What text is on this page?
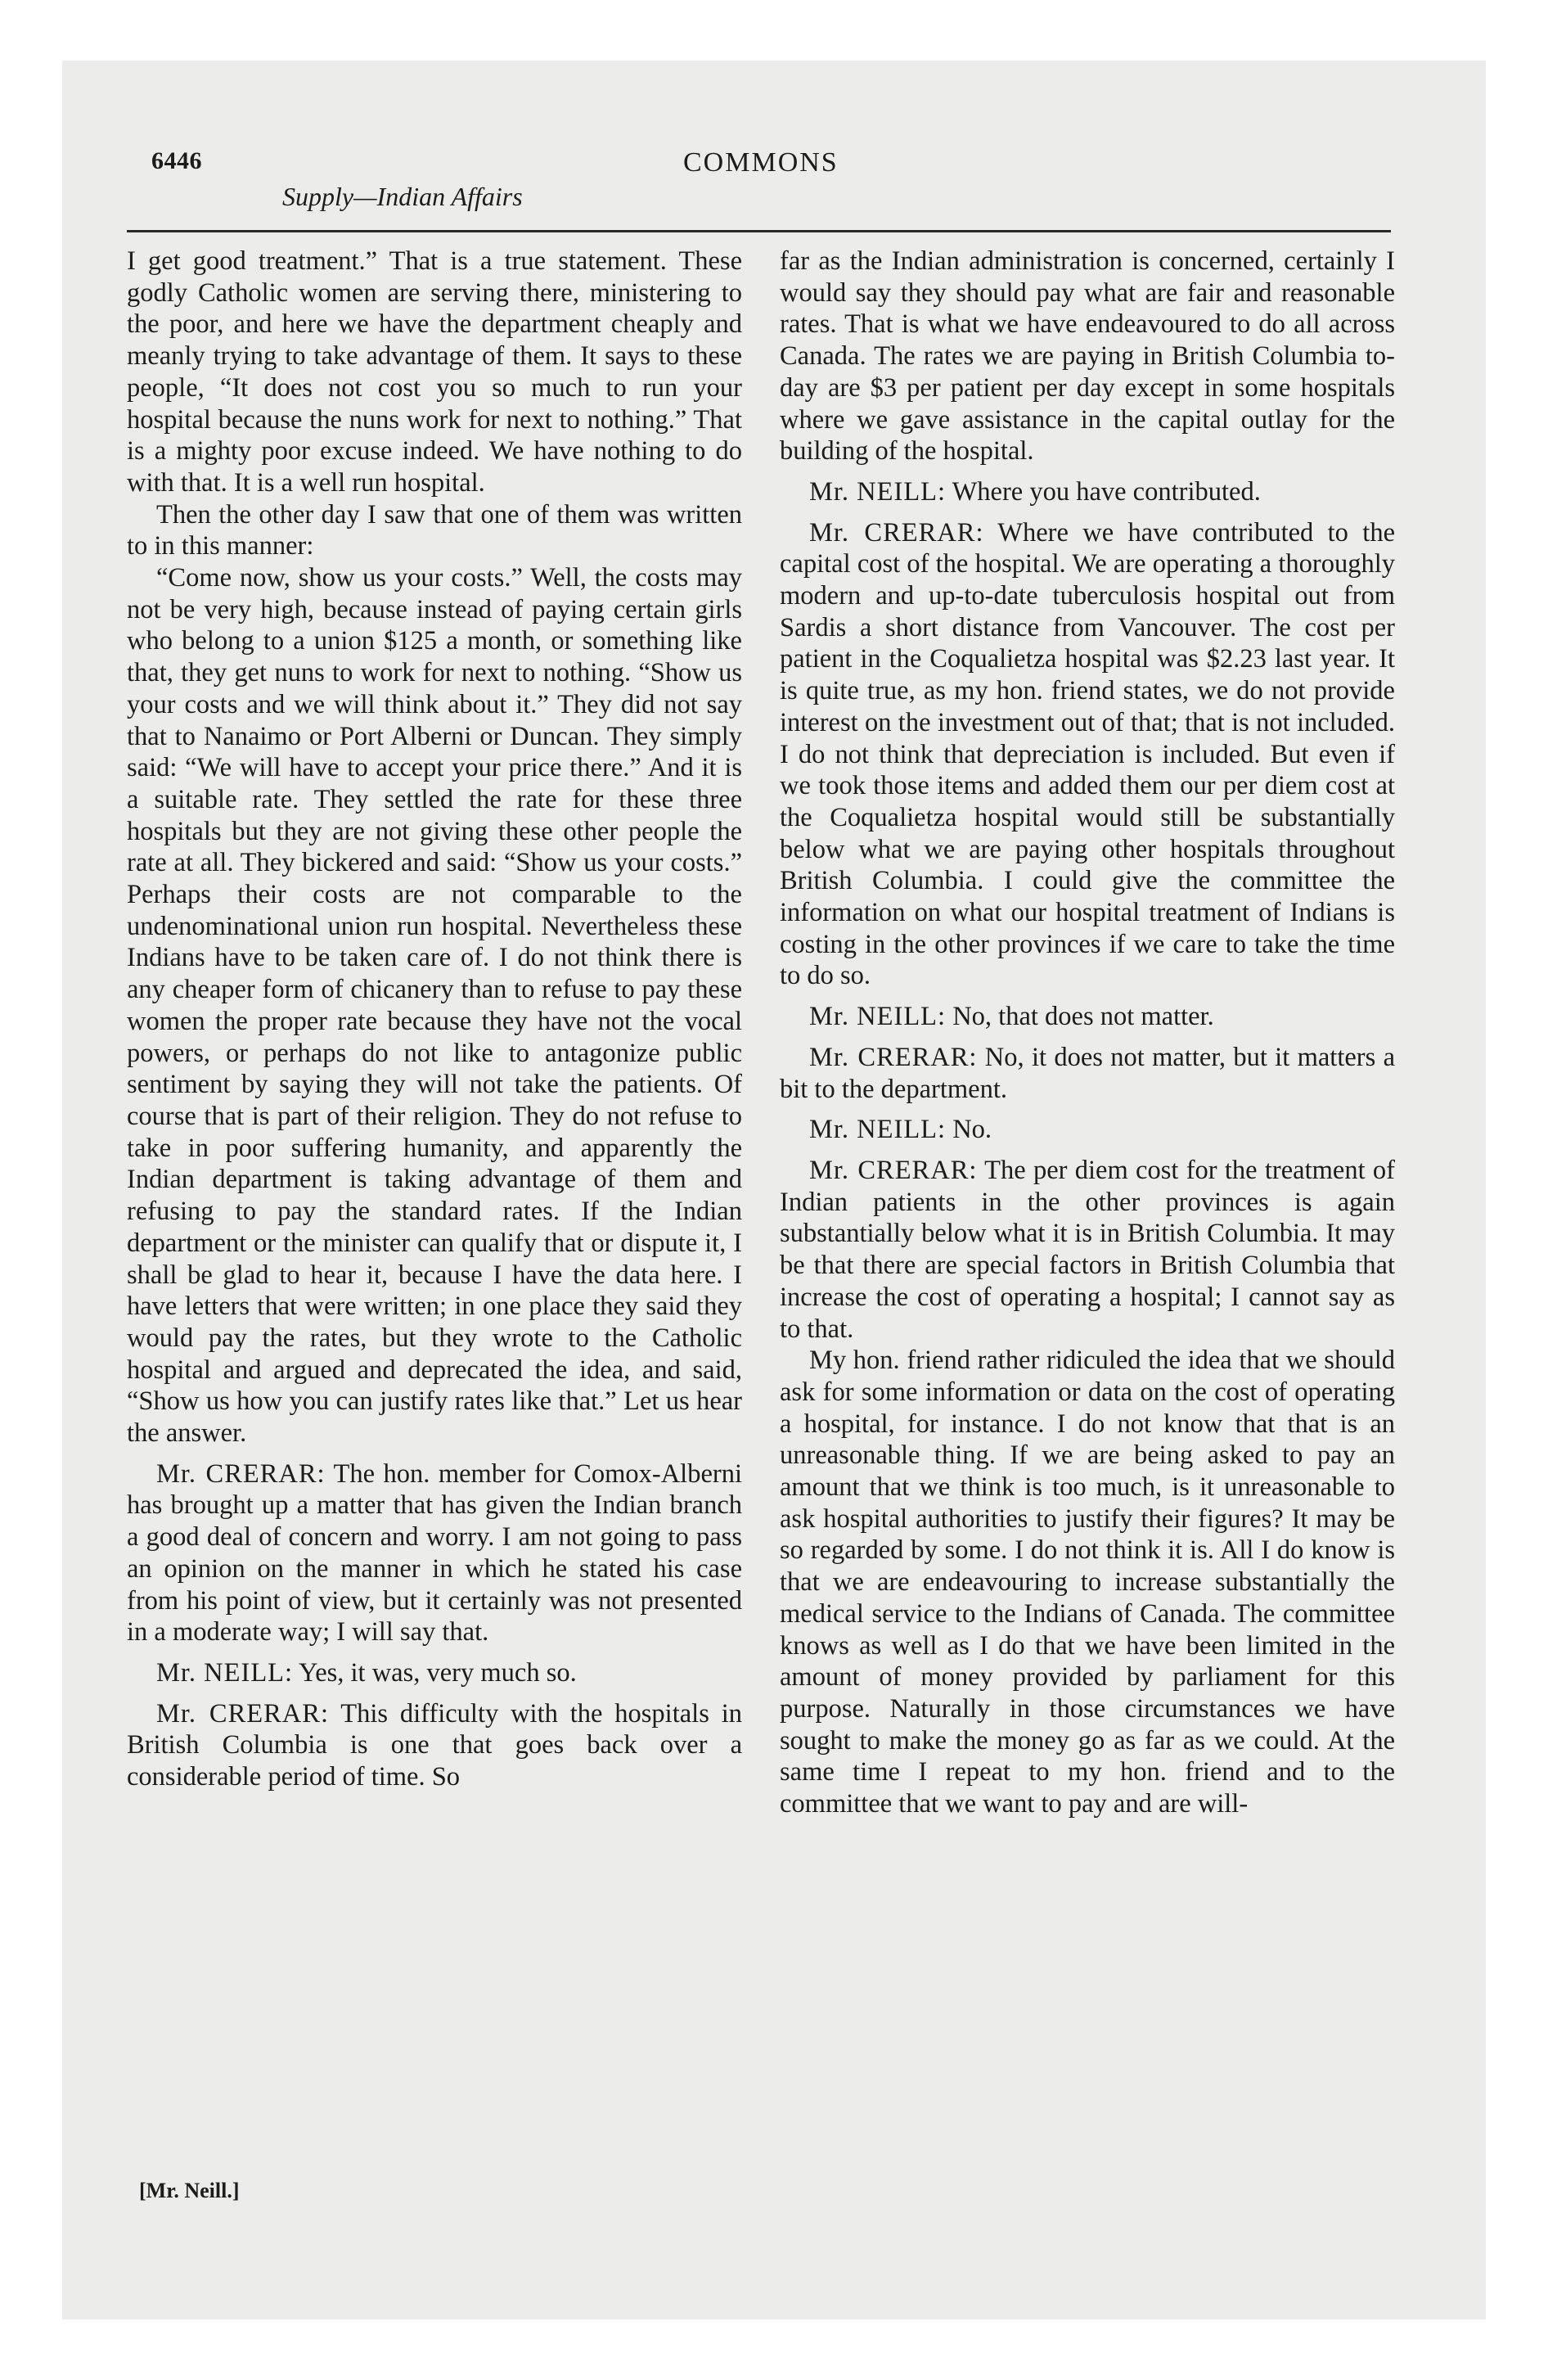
6446	COMMONS
Supply—Indian Affairs

I get good treatment.” That is a true statement. These godly Catholic women are serving there, ministering to the poor, and here we have the department cheaply and meanly trying to take advantage of them. It says to these people, “It does not cost you so much to run your hospital because the nuns work for next to nothing.” That is a mighty poor excuse indeed. We have nothing to do with that. It is a well run hospital.

Then the other day I saw that one of them was written to in this manner:

“Come now, show us your costs.” Well, the costs may not be very high, because instead of paying certain girls who belong to a union $125 a month, or something like that, they get nuns to work for next to nothing. “Show us your costs and we will think about it.” They did not say that to Nanaimo or Port Alberni or Duncan. They simply said: “We will have to accept your price there.” And it is a suitable rate. They settled the rate for these three hospitals but they are not giving these other people the rate at all. They bickered and said: “Show us your costs.” Perhaps their costs are not comparable to the undenominational union run hospital. Nevertheless these Indians have to be taken care of. I do not think there is any cheaper form of chicanery than to refuse to pay these women the proper rate because they have not the vocal powers, or perhaps do not like to antagonize public sentiment by saying they will not take the patients. Of course that is part of their religion. They do not refuse to take in poor suffering humanity, and apparently the Indian department is taking advantage of them and refusing to pay the standard rates. If the Indian department or the minister can qualify that or dispute it, I shall be glad to hear it, because I have the data here. I have letters that were written; in one place they said they would pay the rates, but they wrote to the Catholic hospital and argued and deprecated the idea, and said, “Show us how you can justify rates like that.” Let us hear the answer.

Mr. CRERAR: The hon. member for Comox-Alberni has brought up a matter that has given the Indian branch a good deal of concern and worry. I am not going to pass an opinion on the manner in which he stated his case from his point of view, but it certainly was not presented in a moderate way; I will say that.

Mr. NEILL: Yes, it was, very much so.

Mr. CRERAR: This difficulty with the hospitals in British Columbia is one that goes back over a considerable period of time. So

far as the Indian administration is concerned, certainly I would say they should pay what are fair and reasonable rates. That is what we have endeavoured to do all across Canada. The rates we are paying in British Columbia to-day are $3 per patient per day except in some hospitals where we gave assistance in the capital outlay for the building of the hospital.

Mr. NEILL: Where you have contributed.

Mr. CRERAR: Where we have contributed to the capital cost of the hospital. We are operating a thoroughly modern and up-to-date tuberculosis hospital out from Sardis a short distance from Vancouver. The cost per patient in the Coqualietza hospital was $2.23 last year. It is quite true, as my hon. friend states, we do not provide interest on the investment out of that; that is not included. I do not think that depreciation is included. But even if we took those items and added them our per diem cost at the Coqualietza hospital would still be substantially below what we are paying other hospitals throughout British Columbia. I could give the committee the information on what our hospital treatment of Indians is costing in the other provinces if we care to take the time to do so.

Mr. NEILL: No, that does not matter.

Mr. CRERAR: No, it does not matter, but it matters a bit to the department.

Mr. NEILL: No.

Mr. CRERAR: The per diem cost for the treatment of Indian patients in the other provinces is again substantially below what it is in British Columbia. It may be that there are special factors in British Columbia that increase the cost of operating a hospital; I cannot say as to that.

My hon. friend rather ridiculed the idea that we should ask for some information or data on the cost of operating a hospital, for instance. I do not know that that is an unreasonable thing. If we are being asked to pay an amount that we think is too much, is it unreasonable to ask hospital authorities to justify their figures? It may be so regarded by some. I do not think it is. All I do know is that we are endeavouring to increase substantially the medical service to the Indians of Canada. The committee knows as well as I do that we have been limited in the amount of money provided by parliament for this purpose. Naturally in those circumstances we have sought to make the money go as far as we could. At the same time I repeat to my hon. friend and to the committee that we want to pay and are will-

[Mr. Neill.]
